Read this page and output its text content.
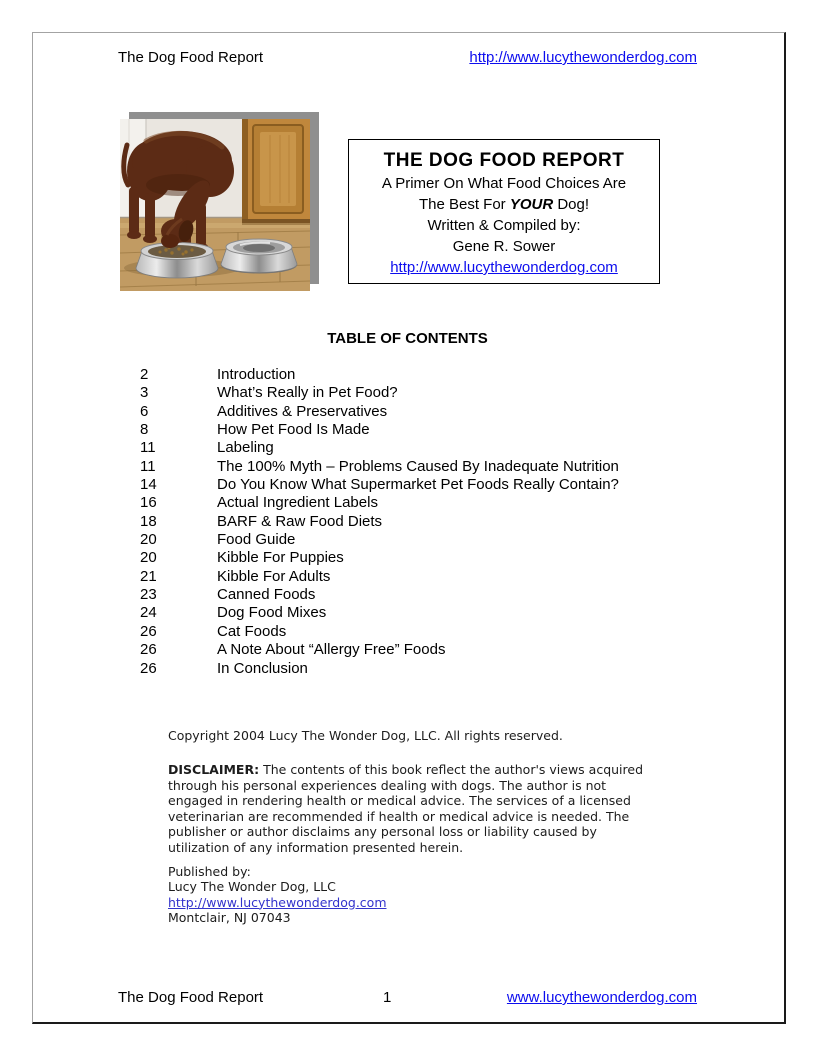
The Dog Food Report	http://www.lucythewonderdog.com
THE DOG FOOD REPORT
A Primer On What Food Choices Are
The Best For YOUR Dog!
Written & Compiled by:
Gene R. Sower
http://www.lucythewonderdog.com
TABLE OF CONTENTS
2	Introduction
3	What’s Really in Pet Food?
6	Additives & Preservatives
8	How Pet Food Is Made
11	Labeling
11	The 100% Myth – Problems Caused By Inadequate Nutrition
14	Do You Know What Supermarket Pet Foods Really Contain?
16	Actual Ingredient Labels
18	BARF & Raw Food Diets
20	Food Guide
20	Kibble For Puppies
21	Kibble For Adults
23	Canned Foods
24	Dog Food Mixes
26	Cat Foods
26	A Note About “Allergy Free” Foods
26	In Conclusion
Copyright 2004 Lucy The Wonder Dog, LLC. All rights reserved.
DISCLAIMER: The contents of this book reflect the author's views acquired through his personal experiences dealing with dogs. The author is not engaged in rendering health or medical advice. The services of a licensed veterinarian are recommended if health or medical advice is needed. The publisher or author disclaims any personal loss or liability caused by utilization of any information presented herein.
Published by:
Lucy The Wonder Dog, LLC
http://www.lucythewonderdog.com
Montclair, NJ 07043
The Dog Food Report	1	www.lucythewonderdog.com
